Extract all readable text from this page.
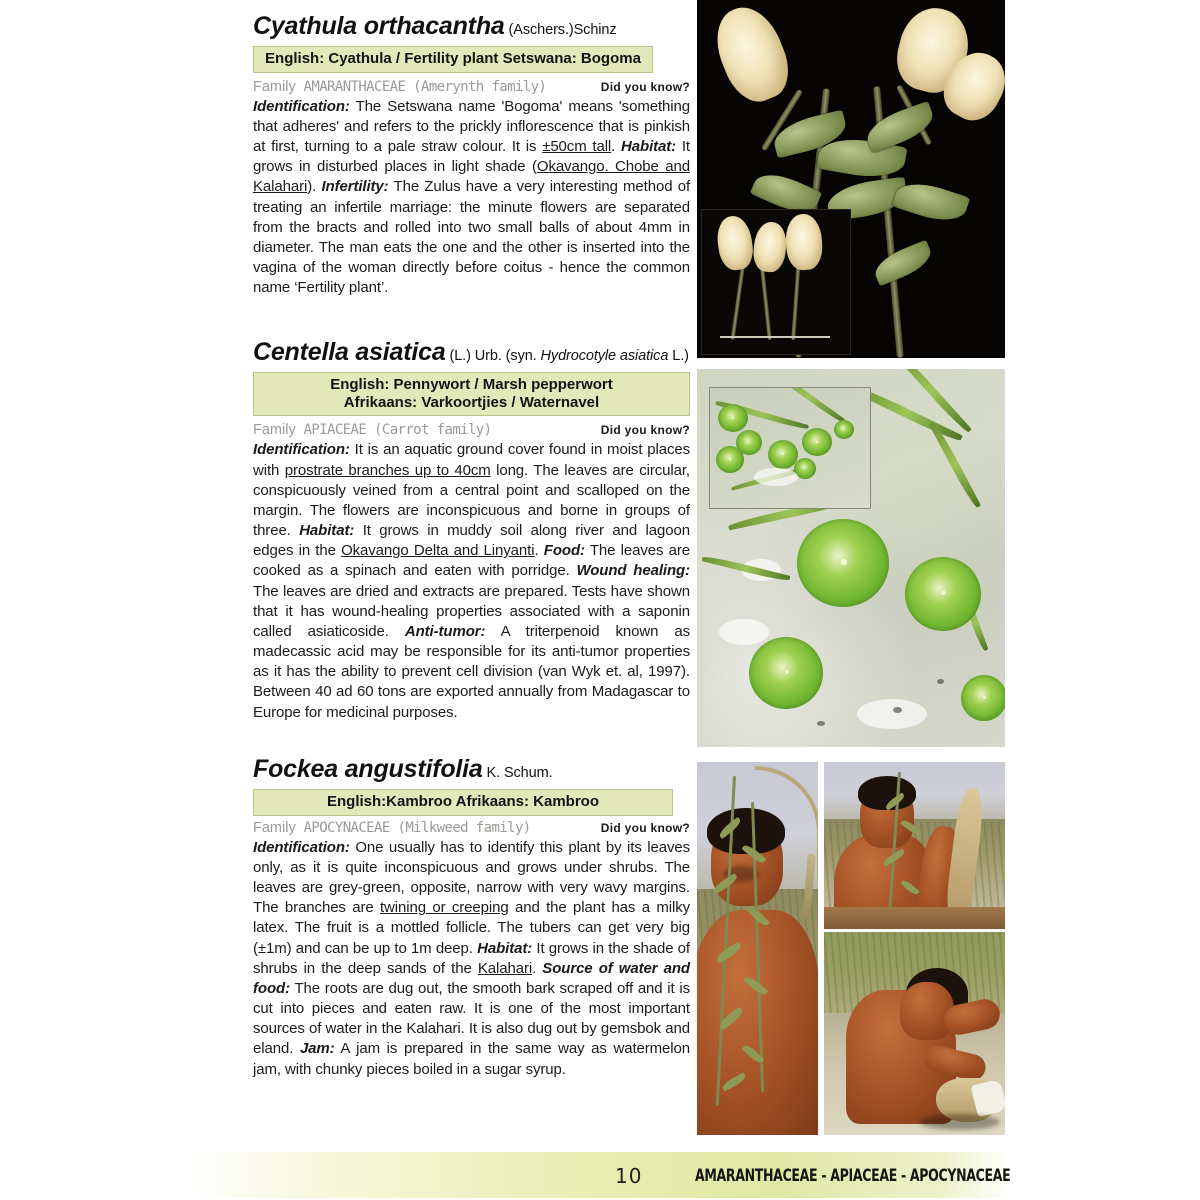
Cyathula orthacantha (Aschers.)Schinz
English: Cyathula / Fertility plant Setswana: Bogoma
Family AMARANTHACEAE (Amerynth family)	Did you know?

Identification: The Setswana name 'Bogoma' means 'something that adheres' and refers to the prickly inflorescence that is pinkish at first, turning to a pale straw colour. It is ±50cm tall. Habitat: It grows in disturbed places in light shade (Okavango. Chobe and Kalahari). Infertility: The Zulus have a very interesting method of treating an infertile marriage: the minute flowers are separated from the bracts and rolled into two small balls of about 4mm in diameter. The man eats the one and the other is inserted into the vagina of the woman directly before coitus - hence the common name ‘Fertility plant’.

Centella asiatica (L.) Urb. (syn. Hydrocotyle asiatica L.)
English: Pennywort / Marsh pepperwort
Afrikaans: Varkoortjies / Waternavel
Family APIACEAE (Carrot family)	Did you know?

Identification: It is an aquatic ground cover found in moist places with prostrate branches up to 40cm long. The leaves are circular, conspicuously veined from a central point and scalloped on the margin. The flowers are inconspicuous and borne in groups of three. Habitat: It grows in muddy soil along river and lagoon edges in the Okavango Delta and Linyanti. Food: The leaves are cooked as a spinach and eaten with porridge. Wound healing: The leaves are dried and extracts are prepared. Tests have shown that it has wound-healing properties associated with a saponin called asiaticoside. Anti-tumor: A triterpenoid known as madecassic acid may be responsible for its anti-tumor properties as it has the ability to prevent cell division (van Wyk et. al, 1997). Between 40 ad 60 tons are exported annually from Madagascar to Europe for medicinal purposes.

Fockea angustifolia K. Schum.
English:Kambroo Afrikaans: Kambroo
Family APOCYNACEAE (Milkweed family)	Did you know?

Identification: One usually has to identify this plant by its leaves only, as it is quite inconspicuous and grows under shrubs. The leaves are grey-green, opposite, narrow with very wavy margins. The branches are twining or creeping and the plant has a milky latex. The fruit is a mottled follicle. The tubers can get very big (±1m) and can be up to 1m deep. Habitat: It grows in the shade of shrubs in the deep sands of the Kalahari. Source of water and food: The roots are dug out, the smooth bark scraped off and it is cut into pieces and eaten raw. It is one of the most important sources of water in the Kalahari. It is also dug out by gemsbok and eland. Jam: A jam is prepared in the same way as watermelon jam, with chunky pieces boiled in a sugar syrup.

10	AMARANTHACEAE - APIACEAE - APOCYNACEAE
